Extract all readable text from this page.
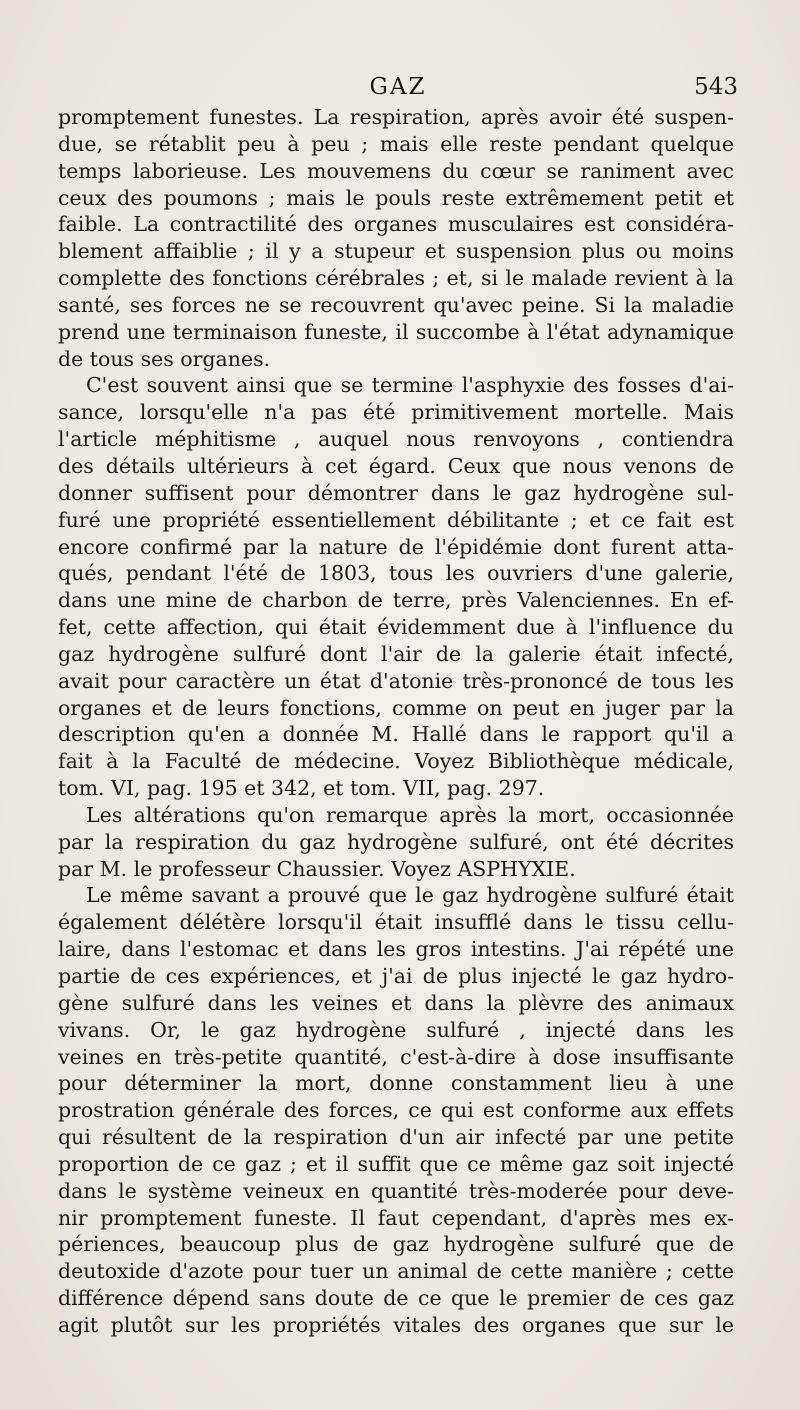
GAZ	543
promptement funestes. La respiration, après avoir été suspen-
due, se rétablit peu à peu ; mais elle reste pendant quelque
temps laborieuse. Les mouvemens du cœur se raniment avec
ceux des poumons ; mais le pouls reste extrêmement petit et
faible. La contractilité des organes musculaires est considéra-
blement affaiblie ; il y a stupeur et suspension plus ou moins
complette des fonctions cérébrales ; et, si le malade revient à la
santé, ses forces ne se recouvrent qu'avec peine. Si la maladie
prend une terminaison funeste, il succombe à l'état adynamique
de tous ses organes.
C'est souvent ainsi que se termine l'asphyxie des fosses d'ai-
sance, lorsqu'elle n'a pas été primitivement mortelle. Mais
l'article méphitisme , auquel nous renvoyons , contiendra
des détails ultérieurs à cet égard. Ceux que nous venons de
donner suffisent pour démontrer dans le gaz hydrogène sul-
furé une propriété essentiellement débilitante ; et ce fait est
encore confirmé par la nature de l'épidémie dont furent atta-
qués, pendant l'été de 1803, tous les ouvriers d'une galerie,
dans une mine de charbon de terre, près Valenciennes. En ef-
fet, cette affection, qui était évidemment due à l'influence du
gaz hydrogène sulfuré dont l'air de la galerie était infecté,
avait pour caractère un état d'atonie très-prononcé de tous les
organes et de leurs fonctions, comme on peut en juger par la
description qu'en a donnée M. Hallé dans le rapport qu'il a
fait à la Faculté de médecine. Voyez Bibliothèque médicale,
tom. VI, pag. 195 et 342, et tom. VII, pag. 297.
Les altérations qu'on remarque après la mort, occasionnée
par la respiration du gaz hydrogène sulfuré, ont été décrites
par M. le professeur Chaussier. Voyez ASPHYXIE.
Le même savant a prouvé que le gaz hydrogène sulfuré était
également délétère lorsqu'il était insufflé dans le tissu cellu-
laire, dans l'estomac et dans les gros intestins. J'ai répété une
partie de ces expériences, et j'ai de plus injecté le gaz hydro-
gène sulfuré dans les veines et dans la plèvre des animaux
vivans. Or, le gaz hydrogène sulfuré , injecté dans les
veines en très-petite quantité, c'est-à-dire à dose insuffisante
pour déterminer la mort, donne constamment lieu à une
prostration générale des forces, ce qui est conforme aux effets
qui résultent de la respiration d'un air infecté par une petite
proportion de ce gaz ; et il suffit que ce même gaz soit injecté
dans le système veineux en quantité très-moderée pour deve-
nir promptement funeste. Il faut cependant, d'après mes ex-
périences, beaucoup plus de gaz hydrogène sulfuré que de
deutoxide d'azote pour tuer un animal de cette manière ; cette
différence dépend sans doute de ce que le premier de ces gaz
agit plutôt sur les propriétés vitales des organes que sur le
